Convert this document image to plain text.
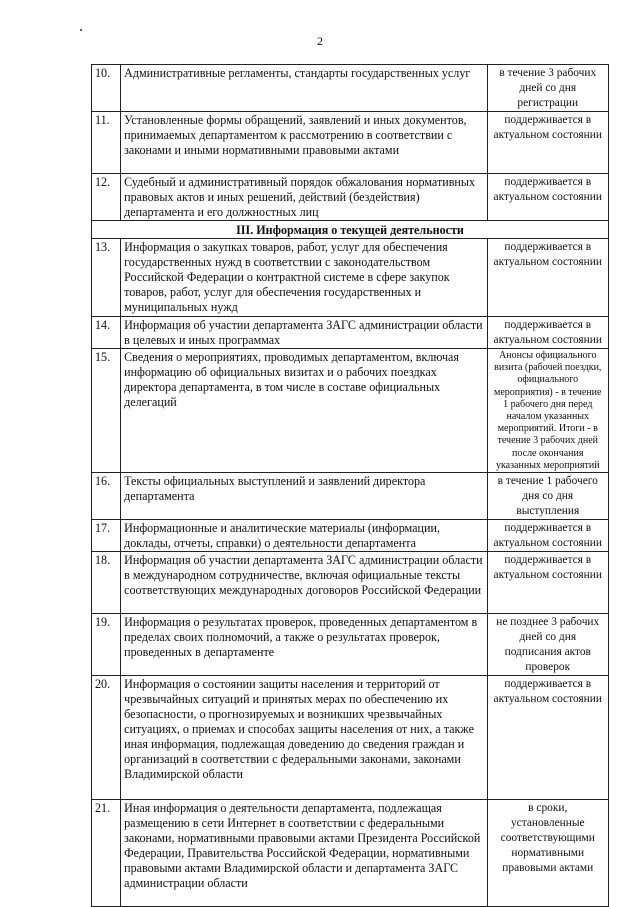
2
10.	Административные регламенты, стандарты государственных услуг	в течение 3 рабочих дней со дня регистрации
11.	Установленные формы обращений, заявлений и иных документов, принимаемых департаментом к рассмотрению в соответствии с законами и иными нормативными правовыми актами	поддерживается в актуальном состоянии
12.	Судебный и административный порядок обжалования нормативных правовых актов и иных решений, действий (бездействия) департамента и его должностных лиц	поддерживается в актуальном состоянии
III. Информация о текущей деятельности		
13.	Информация о закупках товаров, работ, услуг для обеспечения государственных нужд в соответствии с законодательством Российской Федерации о контрактной системе в сфере закупок товаров, работ, услуг для обеспечения государственных и муниципальных нужд	поддерживается в актуальном состоянии
14.	Информация об участии департамента ЗАГС администрации области в целевых и иных программах	поддерживается в актуальном состоянии
15.	Сведения о мероприятиях, проводимых департаментом, включая информацию об официальных визитах и о рабочих поездках директора департамента, в том числе в составе официальных делегаций	Анонсы официального визита (рабочей поездки, официального мероприятия) - в течение 1 рабочего дня перед началом указанных мероприятий. Итоги - в течение 3 рабочих дней после окончания указанных мероприятий
16.	Тексты официальных выступлений и заявлений директора департамента	в течение 1 рабочего дня со дня выступления
17.	Информационные и аналитические материалы (информации, доклады, отчеты, справки) о деятельности департамента	поддерживается в актуальном состоянии
18.	Информация об участии департамента ЗАГС администрации области в международном сотрудничестве, включая официальные тексты соответствующих международных договоров Российской Федерации	поддерживается в актуальном состоянии
19.	Информация о результатах проверок, проведенных департаментом в пределах своих полномочий, а также о результатах проверок, проведенных в департаменте	не позднее 3 рабочих дней со дня подписания актов проверок
20.	Информация о состоянии защиты населения и территорий от чрезвычайных ситуаций и принятых мерах по обеспечению их безопасности, о прогнозируемых и возникших чрезвычайных ситуациях, о приемах и способах защиты населения от них, а также иная информация, подлежащая доведению до сведения граждан и организаций в соответствии с федеральными законами, законами Владимирской области	поддерживается в актуальном состоянии
21.	Иная информация о деятельности департамента, подлежащая размещению в сети Интернет в соответствии с федеральными законами, нормативными правовыми актами Президента Российской Федерации, Правительства Российской Федерации, нормативными правовыми актами Владимирской области и департамента ЗАГС администрации области	в сроки, установленные соответствующими нормативными правовыми актами
